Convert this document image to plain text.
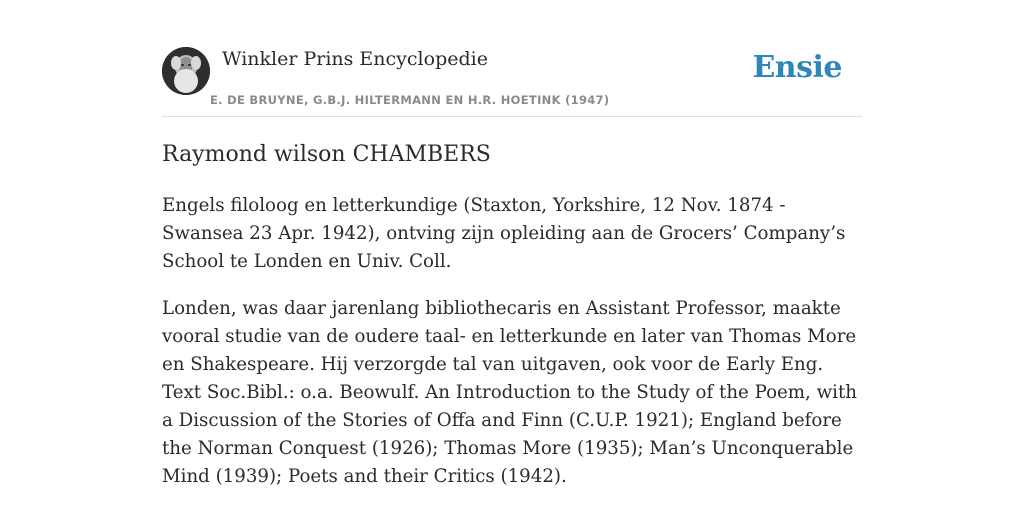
Winkler Prins Encyclopedie
E. DE BRUYNE, G.B.J. HILTERMANN EN H.R. HOETINK (1947)
Ensie
Raymond wilson CHAMBERS

Engels filoloog en letterkundige (Staxton, Yorkshire, 12 Nov. 1874 - Swansea 23 Apr. 1942), ontving zijn opleiding aan de Grocers’ Company’s School te Londen en Univ. Coll.

Londen, was daar jarenlang bibliothecaris en Assistant Professor, maakte vooral studie van de oudere taal- en letterkunde en later van Thomas More en Shakespeare. Hij verzorgde tal van uitgaven, ook voor de Early Eng. Text Soc.Bibl.: o.a. Beowulf. An Introduction to the Study of the Poem, with a Discussion of the Stories of Offa and Finn (C.U.P. 1921); England before the Norman Conquest (1926); Thomas More (1935); Man’s Unconquerable Mind (1939); Poets and their Critics (1942).
